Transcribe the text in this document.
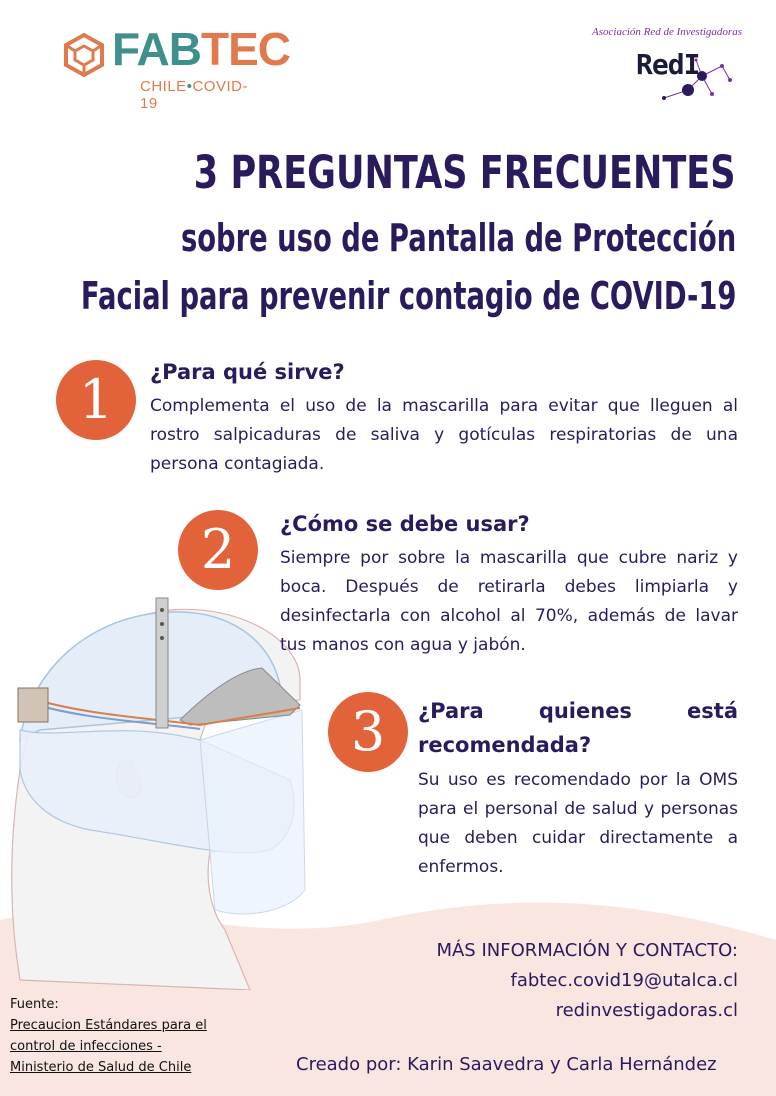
FABTEC
CHILE•COVID-19
Asociación Red de Investigadoras
RedI
3 PREGUNTAS FRECUENTES
sobre uso de Pantalla de Protección
Facial para prevenir contagio de COVID-19
1	¿Para qué sirve?
Complementa el uso de la mascarilla para evitar que lleguen al rostro salpicaduras de saliva y gotículas respiratorias de una persona contagiada.
2	¿Cómo se debe usar?
Siempre por sobre la mascarilla que cubre nariz y boca. Después de retirarla debes limpiarla y desinfectarla con alcohol al 70%, además de lavar tus manos con agua y jabón.
3	¿Para quienes está recomendada?
Su uso es recomendado por la OMS para el personal de salud y personas que deben cuidar directamente a enfermos.
MÁS INFORMACIÓN Y CONTACTO:
fabtec.covid19@utalca.cl
redinvestigadoras.cl
Fuente:
Precaucion Estándares para el
control de infecciones -
Ministerio de Salud de Chile	Creado por: Karin Saavedra y Carla Hernández
